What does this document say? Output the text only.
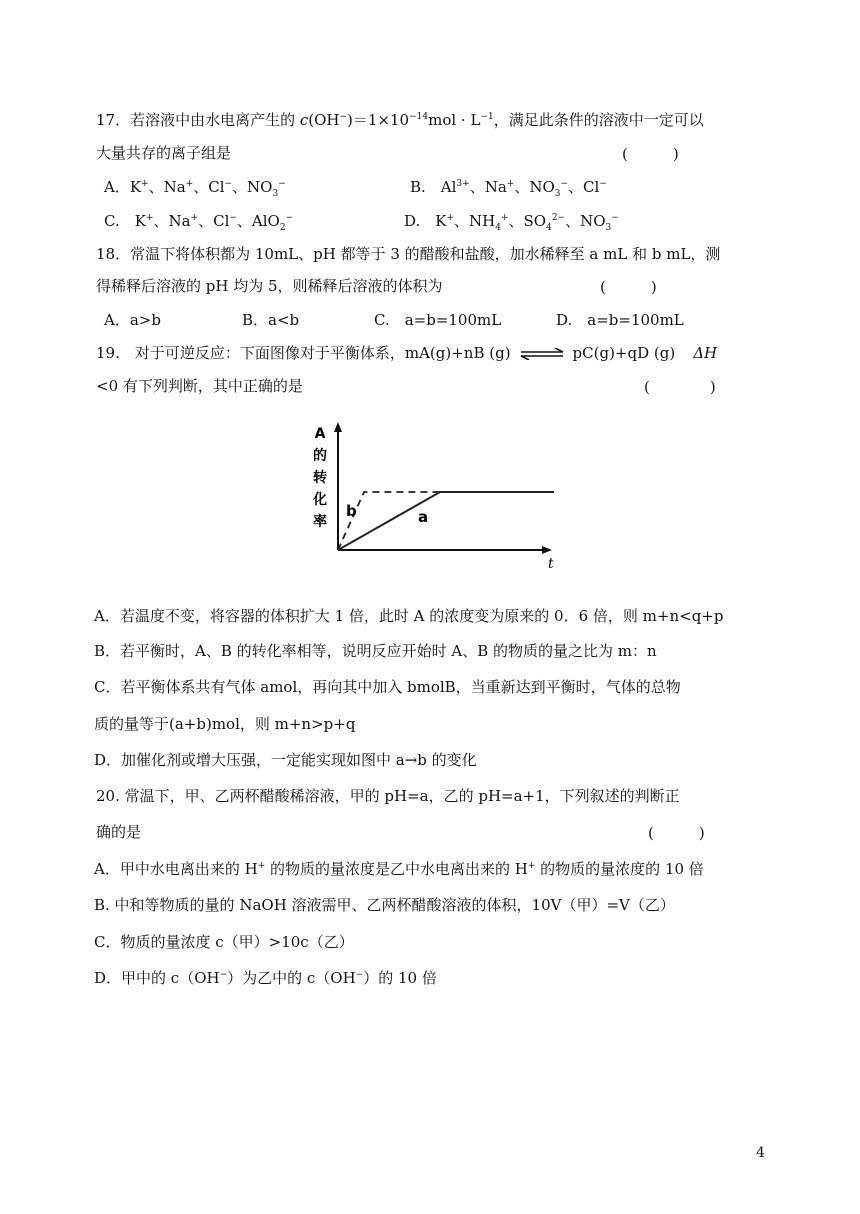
17．若溶液中由水电离产生的 $c(OH^-)=1\times 10^{-14}mol \cdot L^{-1}$，满足此条件的溶液中一定可以
大量共存的离子组是	(　　　)
A．K+、Na+、Cl−、$NO_3^-$	B.　$Al^{3+}$、Na+、$NO_3^-$、Cl−
C.　K+、Na+、Cl−、AlO$_2$−	D.　K+、$NH_4^+$、$SO_4^{2-}$、$NO_3^-$
18．常温下将体积都为 10mL、pH 都等于 3 的醋酸和盐酸，加水稀释至 a mL 和 b mL，测
得稀释后溶液的 pH 均为 5，则稀释后溶液的体积为	(　　　)
A．a>b	B．a<b	C.　a=b=100mL	D.　a=b=100mL
19.　对于可逆反应：下面图像对于平衡体系，mA(g)+nB (g) ⇌ pC(g)+qD (g) ΔH
<0 有下列判断，其中正确的是	(　　　　)
A
的
转
化
率
t
b	a
A．若温度不变，将容器的体积扩大 1 倍，此时 A 的浓度变为原来的 0．6 倍，则 m+n<q+p
B．若平衡时，A、B 的转化率相等，说明反应开始时 A、B 的物质的量之比为 m：n
C．若平衡体系共有气体 amol，再向其中加入 bmolB，当重新达到平衡时，气体的总物
质的量等于(a+b)mol，则 m+n>p+q
D．加催化剂或增大压强，一定能实现如图中 a→b 的变化
20. 常温下，甲、乙两杯醋酸稀溶液，甲的 pH=a，乙的 pH=a+1，下列叙述的判断正
确的是	(　　　)
A．甲中水电离出来的 H+ 的物质的量浓度是乙中水电离出来的 H+ 的物质的量浓度的 10 倍
B. 中和等物质的量的 NaOH 溶液需甲、乙两杯醋酸溶液的体积，10V（甲）=V（乙）
C．物质的量浓度 c（甲）>10c（乙）
D．甲中的 c（OH−）为乙中的 c（OH−）的 10 倍
4
